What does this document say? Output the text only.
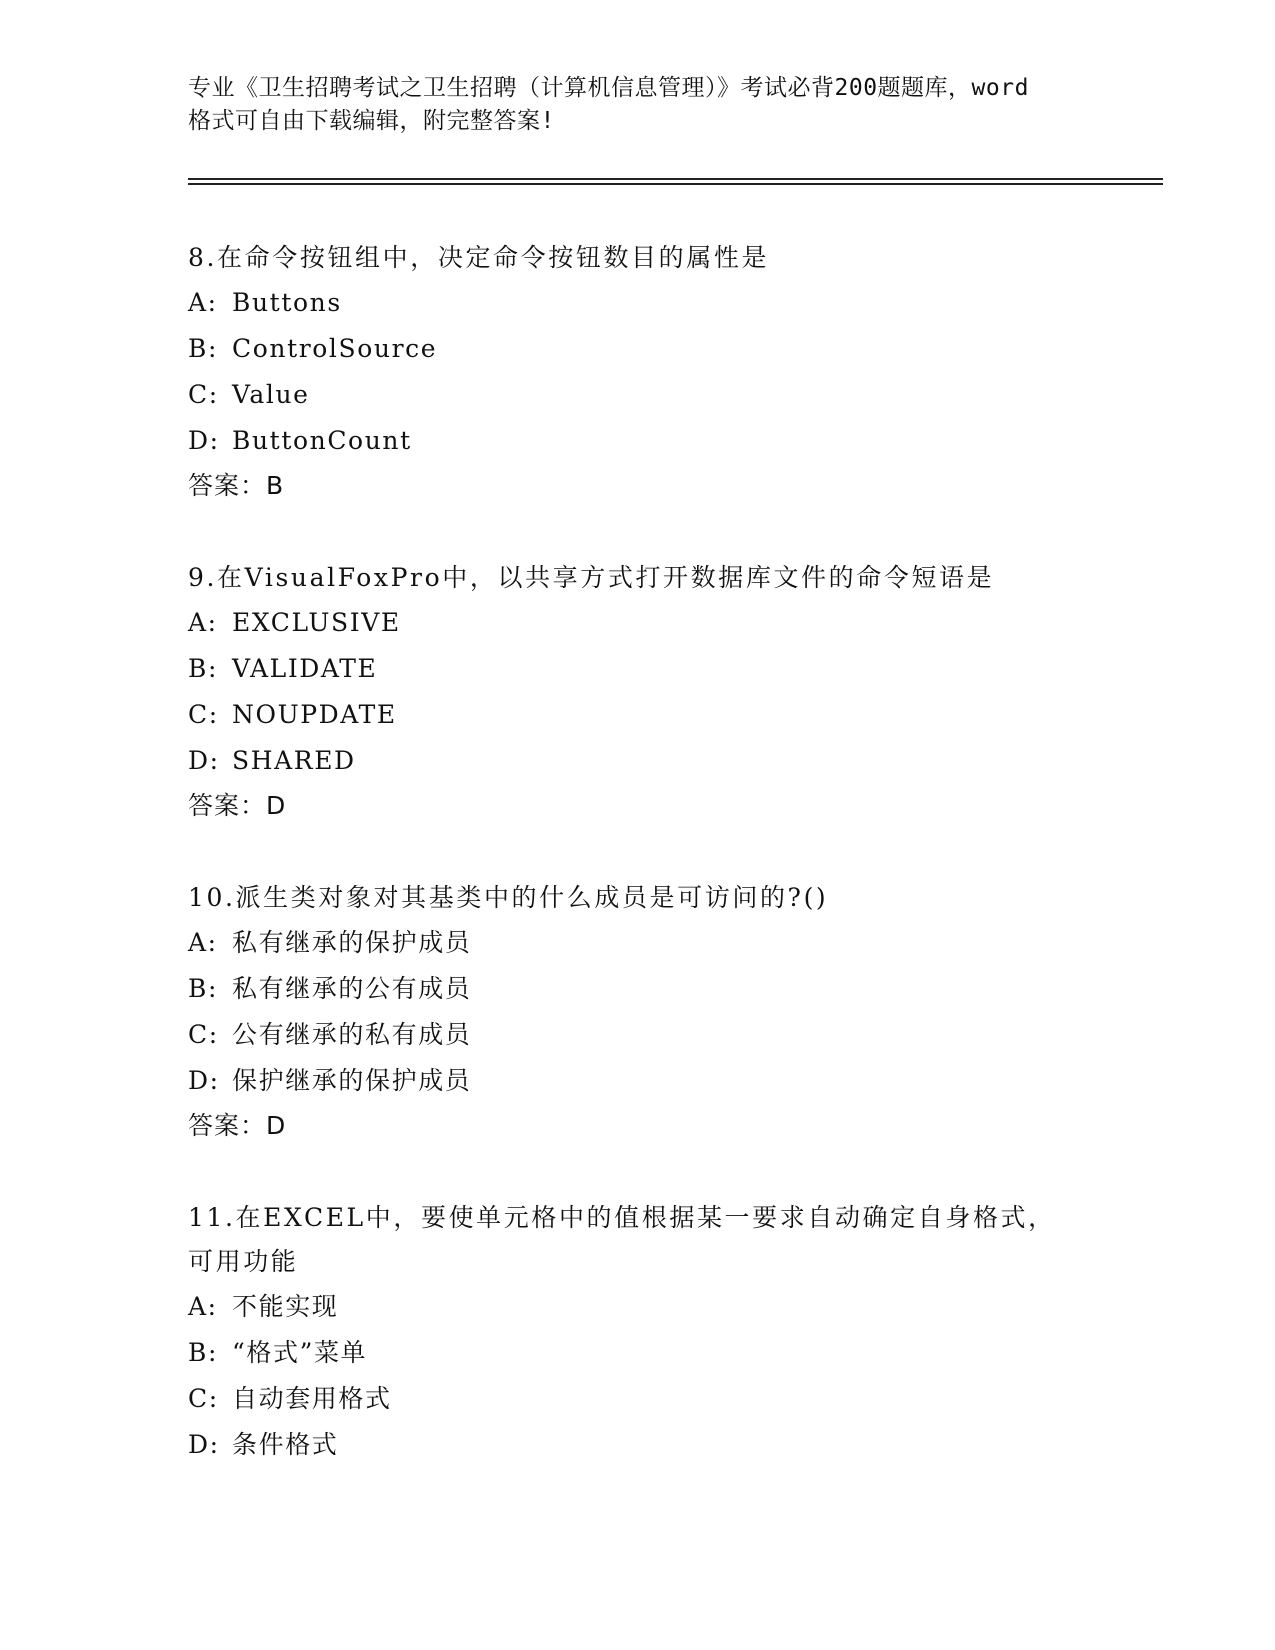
专业《卫生招聘考试之卫生招聘（计算机信息管理）》考试必背200题题库，word
格式可自由下载编辑，附完整答案!
8.在命令按钮组中，决定命令按钮数目的属性是
A: Buttons
B: ControlSource
C: Value
D: ButtonCount
答案：B
9.在VisualFoxPro中，以共享方式打开数据库文件的命令短语是
A: EXCLUSIVE
B: VALIDATE
C: NOUPDATE
D: SHARED
答案：D
10.派生类对象对其基类中的什么成员是可访问的?()
A: 私有继承的保护成员
B: 私有继承的公有成员
C: 公有继承的私有成员
D: 保护继承的保护成员
答案：D
11.在EXCEL中，要使单元格中的值根据某一要求自动确定自身格式，
可用功能
A: 不能实现
B: “格式”菜单
C: 自动套用格式
D: 条件格式
